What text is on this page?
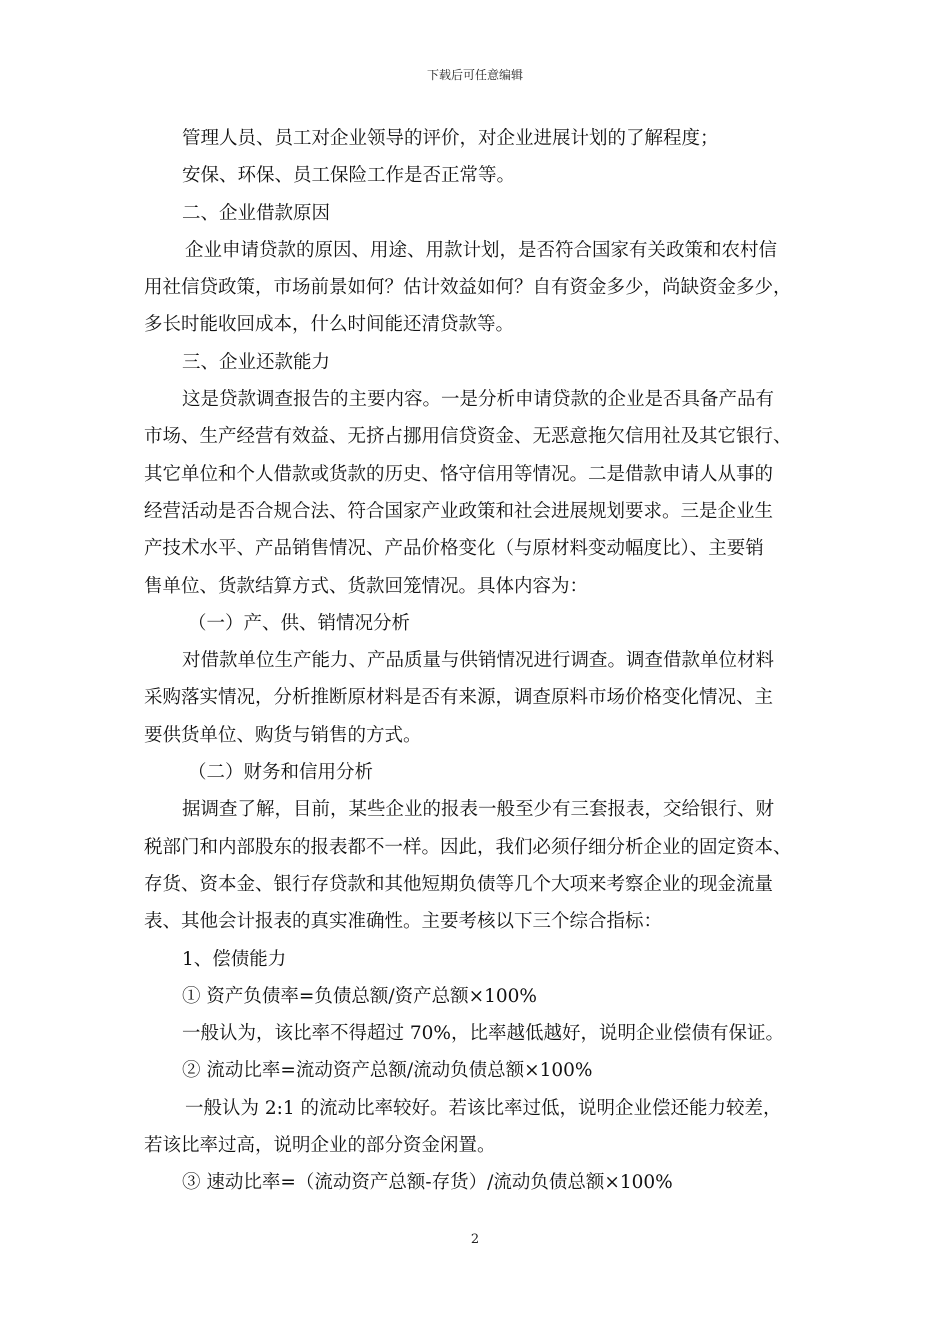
下载后可任意编辑
管理人员、员工对企业领导的评价，对企业进展计划的了解程度；
安保、环保、员工保险工作是否正常等。
二、企业借款原因
企业申请贷款的原因、用途、用款计划，是否符合国家有关政策和农村信
用社信贷政策，市场前景如何？估计效益如何？自有资金多少，尚缺资金多少，
多长时能收回成本，什么时间能还清贷款等。
三、企业还款能力
这是贷款调查报告的主要内容。一是分析申请贷款的企业是否具备产品有
市场、生产经营有效益、无挤占挪用信贷资金、无恶意拖欠信用社及其它银行、
其它单位和个人借款或货款的历史、恪守信用等情况。二是借款申请人从事的
经营活动是否合规合法、符合国家产业政策和社会进展规划要求。三是企业生
产技术水平、产品销售情况、产品价格变化（与原材料变动幅度比）、主要销
售单位、货款结算方式、货款回笼情况。具体内容为：
（一）产、供、销情况分析
对借款单位生产能力、产品质量与供销情况进行调查。调查借款单位材料
采购落实情况，分析推断原材料是否有来源，调查原料市场价格变化情况、主
要供货单位、购货与销售的方式。
（二）财务和信用分析
据调查了解，目前，某些企业的报表一般至少有三套报表，交给银行、财
税部门和内部股东的报表都不一样。因此，我们必须仔细分析企业的固定资本、
存货、资本金、银行存贷款和其他短期负债等几个大项来考察企业的现金流量
表、其他会计报表的真实准确性。主要考核以下三个综合指标：
1、偿债能力
① 资产负债率=负债总额/资产总额×100%
一般认为，该比率不得超过 70%，比率越低越好，说明企业偿债有保证。
② 流动比率=流动资产总额/流动负债总额×100%
一般认为 2:1 的流动比率较好。若该比率过低，说明企业偿还能力较差，
若该比率过高，说明企业的部分资金闲置。
③ 速动比率=（流动资产总额-存货）/流动负债总额×100%
2
